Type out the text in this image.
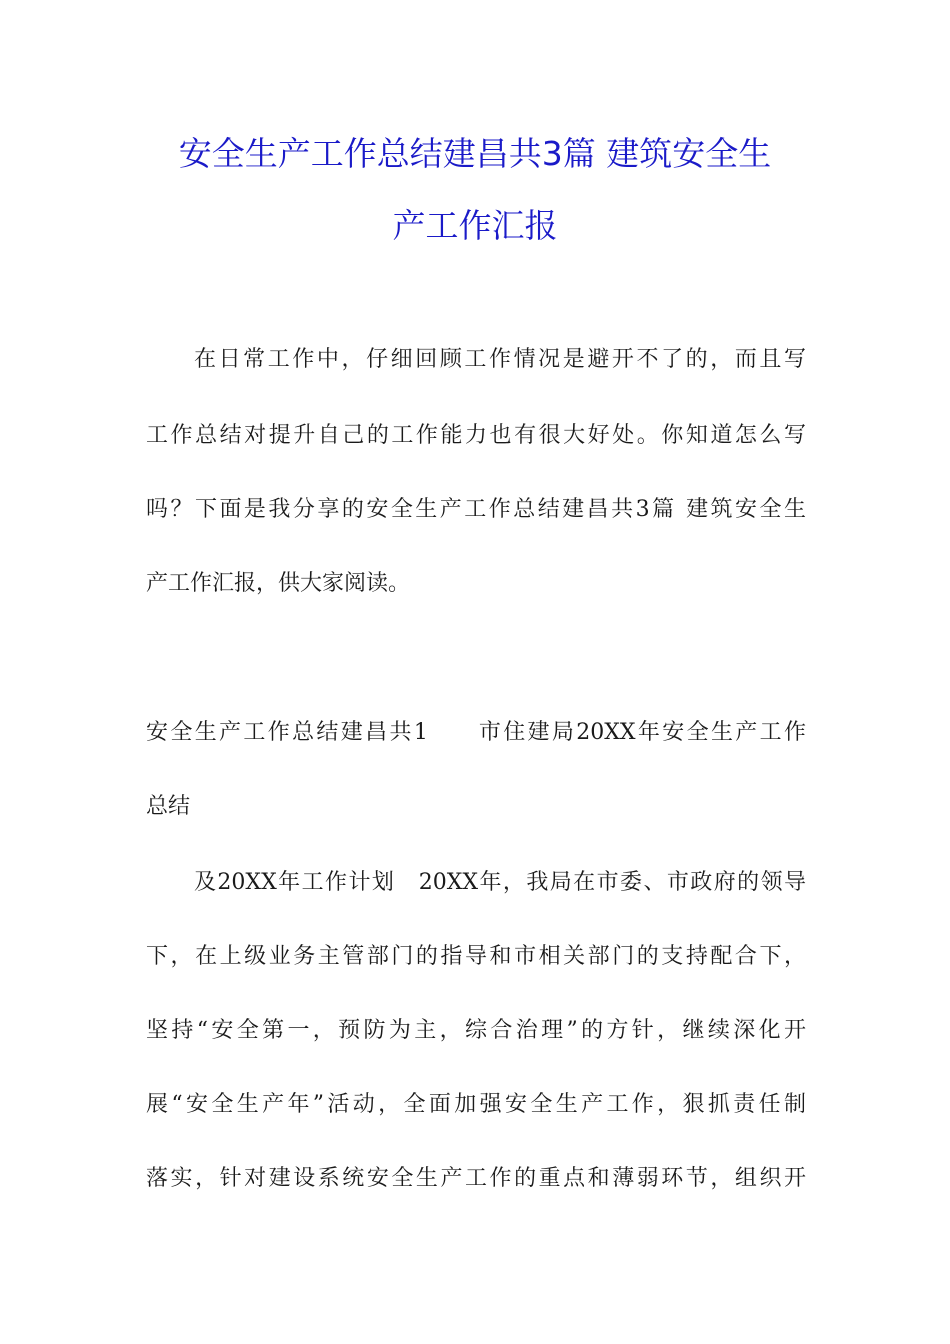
安全生产工作总结建昌共3篇 建筑安全生
产工作汇报
在日常工作中，仔细回顾工作情况是避开不了的，而且写
工作总结对提升自己的工作能力也有很大好处。你知道怎么写
吗？下面是我分享的安全生产工作总结建昌共3篇 建筑安全生
产工作汇报，供大家阅读。
安全生产工作总结建昌共1　　市住建局20XX年安全生产工作
总结
及20XX年工作计划　20XX年，我局在市委、市政府的领导
下，在上级业务主管部门的指导和市相关部门的支持配合下，
坚持“安全第一，预防为主，综合治理”的方针，继续深化开
展“安全生产年”活动，全面加强安全生产工作，狠抓责任制
落实，针对建设系统安全生产工作的重点和薄弱环节，组织开
